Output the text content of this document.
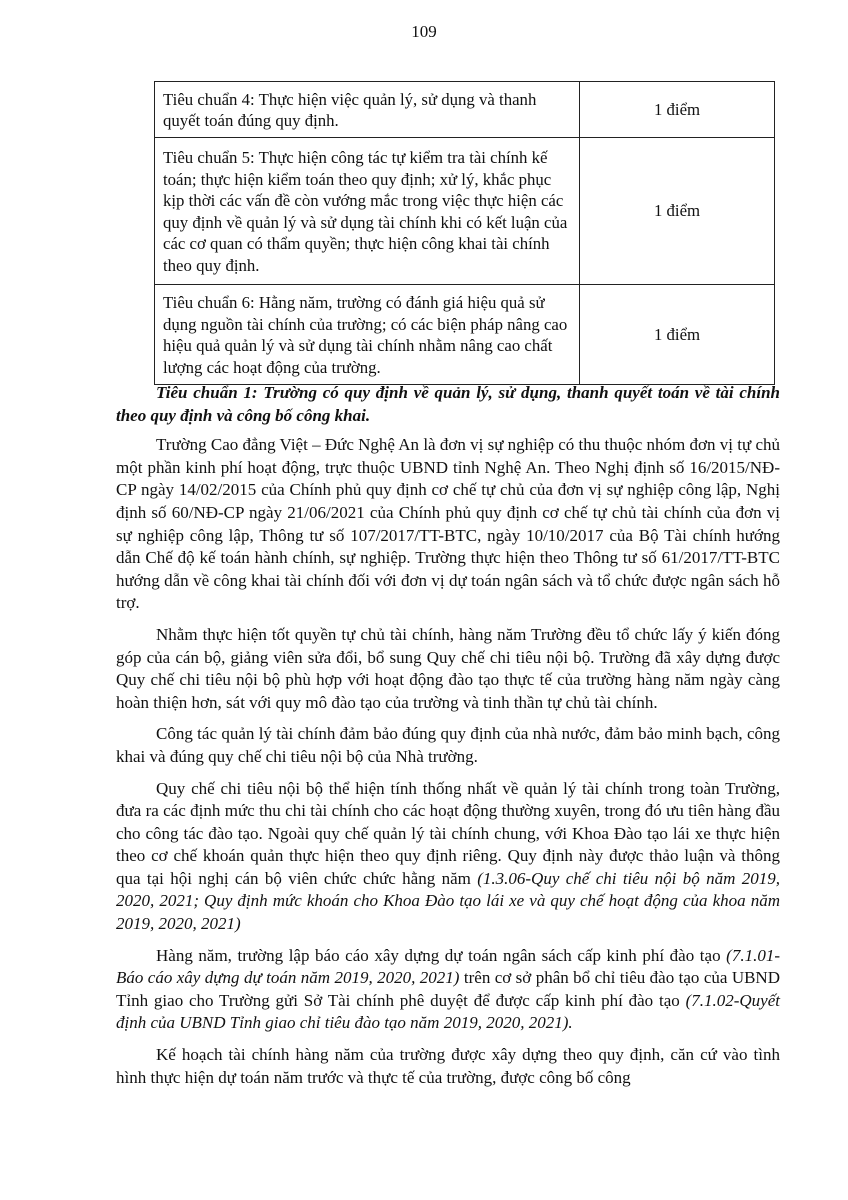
109
Tiêu chuẩn 4: Thực hiện việc quản lý, sử dụng và thanh quyết toán đúng quy định.	1 điểm
Tiêu chuẩn 5: Thực hiện công tác tự kiểm tra tài chính kế toán; thực hiện kiểm toán theo quy định; xử lý, khắc phục kịp thời các vấn đề còn vướng mắc trong việc thực hiện các quy định về quản lý và sử dụng tài chính khi có kết luận của các cơ quan có thẩm quyền; thực hiện công khai tài chính theo quy định.	1 điểm
Tiêu chuẩn 6: Hằng năm, trường có đánh giá hiệu quả sử dụng nguồn tài chính của trường; có các biện pháp nâng cao hiệu quả quản lý và sử dụng tài chính nhằm nâng cao chất lượng các hoạt động của trường.	1 điểm

Tiêu chuẩn 1: Trường có quy định về quản lý, sử dụng, thanh quyết toán về tài chính theo quy định và công bố công khai.

Trường Cao đẳng Việt – Đức Nghệ An là đơn vị sự nghiệp có thu thuộc nhóm đơn vị tự chủ một phần kinh phí hoạt động, trực thuộc UBND tỉnh Nghệ An. Theo Nghị định số 16/2015/NĐ-CP ngày 14/02/2015 của Chính phủ quy định cơ chế tự chủ của đơn vị sự nghiệp công lập, Nghị định số 60/NĐ-CP ngày 21/06/2021 của Chính phủ quy định cơ chế tự chủ tài chính của đơn vị sự nghiệp công lập, Thông tư số 107/2017/TT-BTC, ngày 10/10/2017 của Bộ Tài chính hướng dẫn Chế độ kế toán hành chính, sự nghiệp. Trường thực hiện theo Thông tư số 61/2017/TT-BTC hướng dẫn về công khai tài chính đối với đơn vị dự toán ngân sách và tổ chức được ngân sách hỗ trợ.

Nhằm thực hiện tốt quyền tự chủ tài chính, hàng năm Trường đều tổ chức lấy ý kiến đóng góp của cán bộ, giảng viên sửa đổi, bổ sung Quy chế chi tiêu nội bộ. Trường đã xây dựng được Quy chế chi tiêu nội bộ phù hợp với hoạt động đào tạo thực tế của trường hàng năm ngày càng hoàn thiện hơn, sát với quy mô đào tạo của trường và tinh thần tự chủ tài chính.

Công tác quản lý tài chính đảm bảo đúng quy định của nhà nước, đảm bảo minh bạch, công khai và đúng quy chế chi tiêu nội bộ của Nhà trường.

Quy chế chi tiêu nội bộ thể hiện tính thống nhất về quản lý tài chính trong toàn Trường, đưa ra các định mức thu chi tài chính cho các hoạt động thường xuyên, trong đó ưu tiên hàng đầu cho công tác đào tạo. Ngoài quy chế quản lý tài chính chung, với Khoa Đào tạo lái xe thực hiện theo cơ chế khoán quản thực hiện theo quy định riêng. Quy định này được thảo luận và thông qua tại hội nghị cán bộ viên chức chức hằng năm (1.3.06-Quy chế chi tiêu nội bộ năm 2019, 2020, 2021; Quy định mức khoán cho Khoa Đào tạo lái xe và quy chế hoạt động của khoa năm 2019, 2020, 2021)

Hàng năm, trường lập báo cáo xây dựng dự toán ngân sách cấp kinh phí đào tạo (7.1.01-Báo cáo xây dựng dự toán năm 2019, 2020, 2021) trên cơ sở phân bổ chỉ tiêu đào tạo của UBND Tỉnh giao cho Trường gửi Sở Tài chính phê duyệt để được cấp kinh phí đào tạo (7.1.02-Quyết định của UBND Tỉnh giao chỉ tiêu đào tạo năm 2019, 2020, 2021).

Kế hoạch tài chính hàng năm của trường được xây dựng theo quy định, căn cứ vào tình hình thực hiện dự toán năm trước và thực tế của trường, được công bố công
